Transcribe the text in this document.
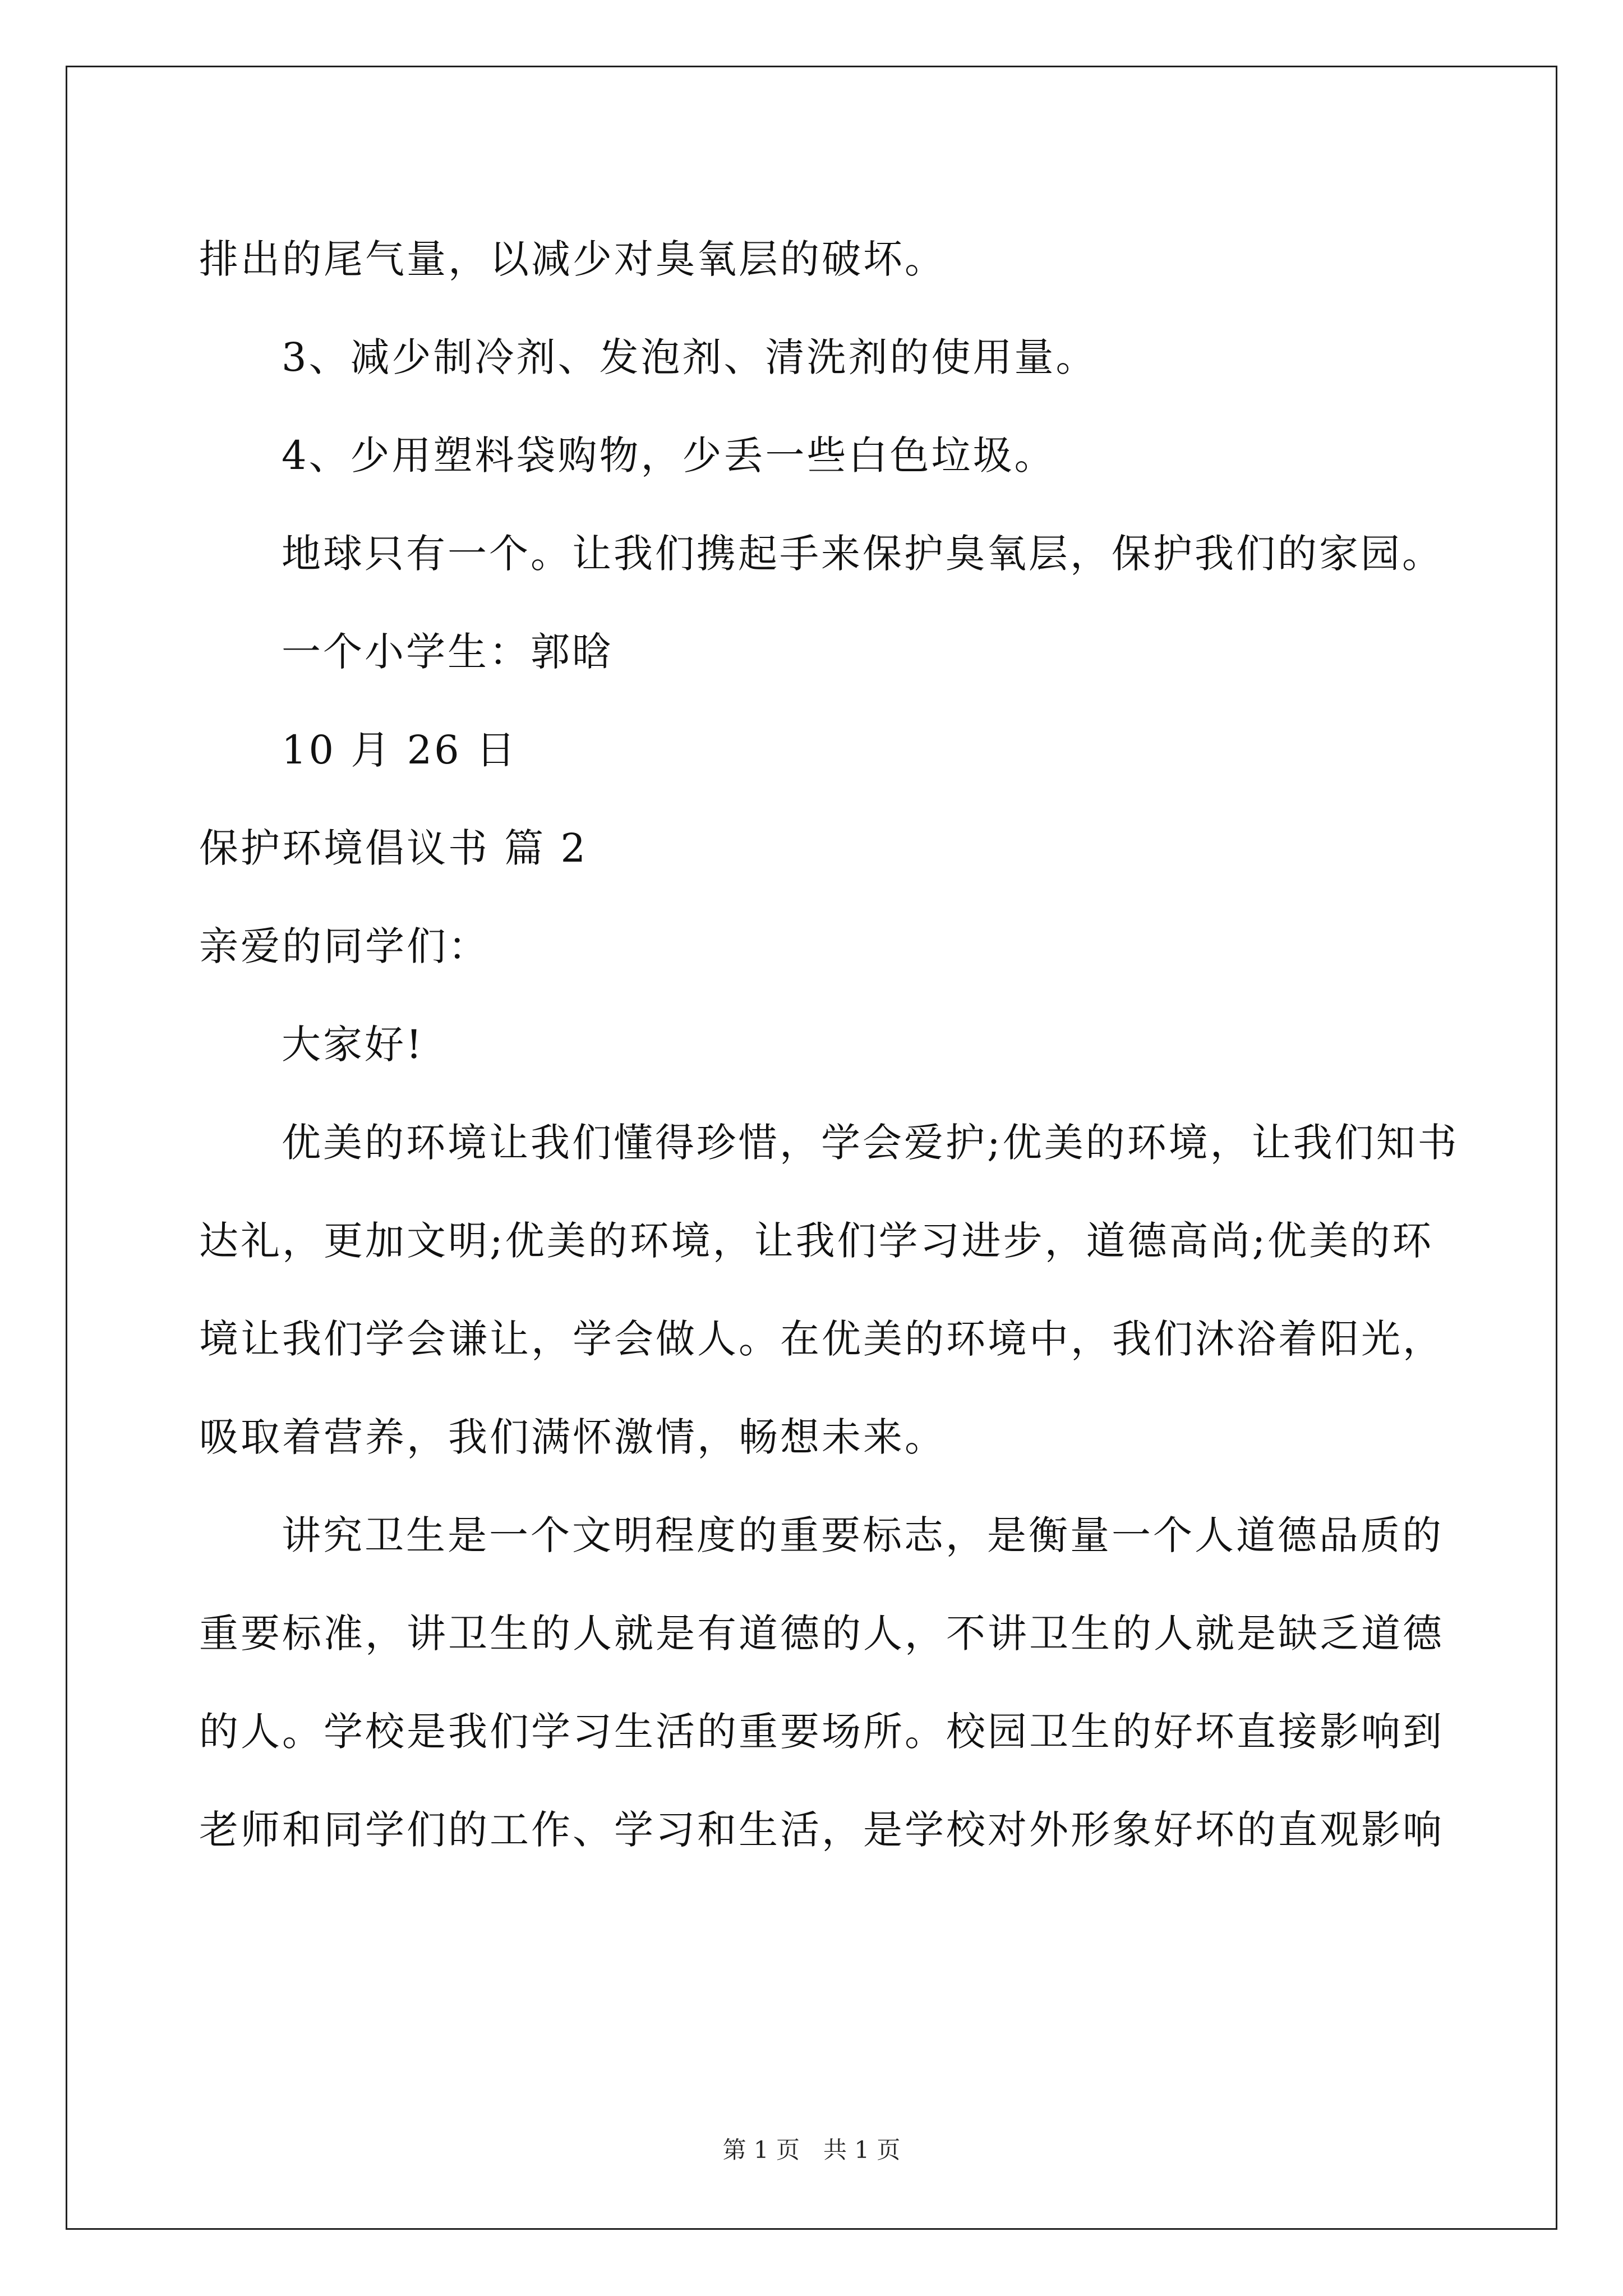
排出的尾气量，以减少对臭氧层的破坏。
3、减少制冷剂、发泡剂、清洗剂的使用量。
4、少用塑料袋购物，少丢一些白色垃圾。
地球只有一个。让我们携起手来保护臭氧层，保护我们的家园。
一个小学生：郭晗
10 月 26 日
保护环境倡议书 篇 2
亲爱的同学们：
大家好!
优美的环境让我们懂得珍惜，学会爱护;优美的环境，让我们知书
达礼，更加文明;优美的环境，让我们学习进步，道德高尚;优美的环
境让我们学会谦让，学会做人。在优美的环境中，我们沐浴着阳光，
吸取着营养，我们满怀激情，畅想未来。
讲究卫生是一个文明程度的重要标志，是衡量一个人道德品质的
重要标准，讲卫生的人就是有道德的人，不讲卫生的人就是缺乏道德
的人。学校是我们学习生活的重要场所。校园卫生的好坏直接影响到
老师和同学们的工作、学习和生活，是学校对外形象好坏的直观影响
第 1 页　共 1 页
